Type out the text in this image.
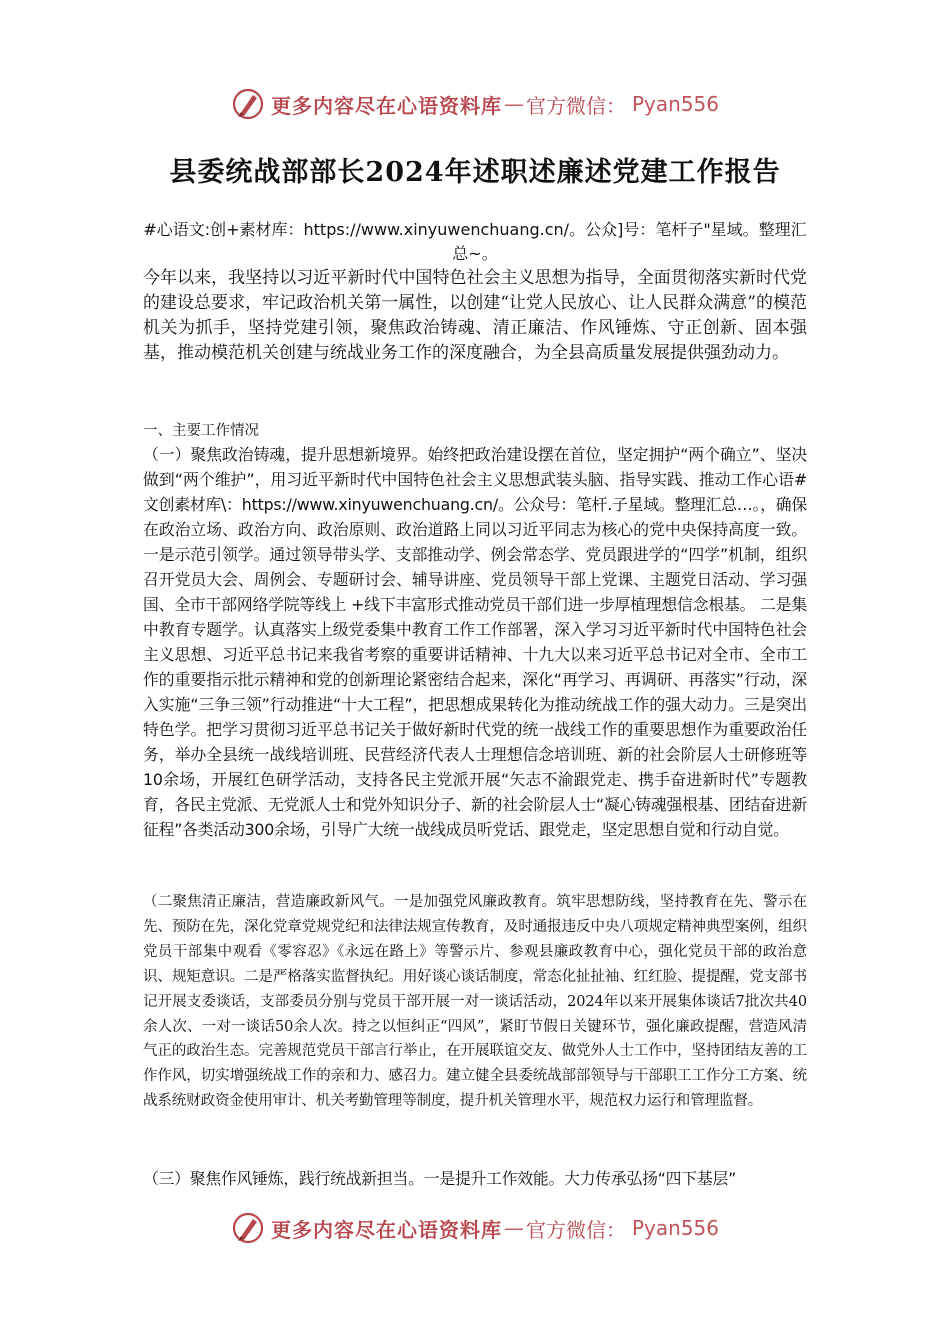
更多内容尽在心语资料库 — 官方微信： Pyan556
县委统战部部长2024年述职述廉述党建工作报告
#心语文:创+素材库：https://www.xinyuwenchuang.cn/。公众]号：笔杆子"星域。整理汇总~。

今年以来，我坚持以习近平新时代中国特色社会主义思想为指导，全面贯彻落实新时代党的建设总要求，牢记政治机关第一属性，以创建“让党人民放心、让人民群众满意”的模范机关为抓手，坚持党建引领，聚焦政治铸魂、清正廉洁、作风锤炼、守正创新、固本强基，推动模范机关创建与统战业务工作的深度融合，为全县高质量发展提供强劲动力。

一、主要工作情况

（一）聚焦政治铸魂，提升思想新境界。始终把政治建设摆在首位，坚定拥护“两个确立”、坚决做到“两个维护”，用习近平新时代中国特色社会主义思想武装头脑、指导实践、推动工作心语#文创素材库\：https://www.xinyuwenchuang.cn/。公众号：笔杆.子星域。整理汇总…。，确保在政治立场、政治方向、政治原则、政治道路上同以习近平同志为核心的党中央保持高度一致。一是示范引领学。通过领导带头学、支部推动学、例会常态学、党员跟进学的“四学”机制，组织召开党员大会、周例会、专题研讨会、辅导讲座、党员领导干部上党课、主题党日活动、学习强国、全市干部网络学院等线上 +线下丰富形式推动党员干部们进一步厚植理想信念根基。 二是集中教育专题学。认真落实上级党委集中教育工作工作部署，深入学习习近平新时代中国特色社会主义思想、习近平总书记来我省考察的重要讲话精神、十九大以来习近平总书记对全市、全市工作的重要指示批示精神和党的创新理论紧密结合起来，深化“再学习、再调研、再落实”行动，深入实施“三争三领”行动推进“十大工程”，把思想成果转化为推动统战工作的强大动力。三是突出特色学。把学习贯彻习近平总书记关于做好新时代党的统一战线工作的重要思想作为重要政治任务，举办全县统一战线培训班、民营经济代表人士理想信念培训班、新的社会阶层人士研修班等10余场，开展红色研学活动，支持各民主党派开展“矢志不渝跟党走、携手奋进新时代”专题教育，各民主党派、无党派人士和党外知识分子、新的社会阶层人士“凝心铸魂强根基、团结奋进新征程”各类活动300余场，引导广大统一战线成员听党话、跟党走，坚定思想自觉和行动自觉。

（二聚焦清正廉洁，营造廉政新风气。一是加强党风廉政教育。筑牢思想防线，坚持教育在先、警示在先、预防在先，深化党章党规党纪和法律法规宣传教育，及时通报违反中央八项规定精神典型案例，组织党员干部集中观看《零容忍》《永远在路上》等警示片、参观县廉政教育中心，强化党员干部的政治意识、规矩意识。二是严格落实监督执纪。用好谈心谈话制度，常态化扯扯袖、红红脸、提提醒，党支部书记开展支委谈话，支部委员分别与党员干部开展一对一谈话活动，2024年以来开展集体谈话7批次共40余人次、一对一谈话50余人次。持之以恒纠正“四风”，紧盯节假日关键环节，强化廉政提醒，营造风清气正的政治生态。完善规范党员干部言行举止，在开展联谊交友、做党外人士工作中，坚持团结友善的工作作风，切实增强统战工作的亲和力、感召力。建立健全县委统战部部领导与干部职工工作分工方案、统战系统财政资金使用审计、机关考勤管理等制度，提升机关管理水平，规范权力运行和管理监督。

（三）聚焦作风锤炼，践行统战新担当。一是提升工作效能。大力传承弘扬“四下基层”

更多内容尽在心语资料库 — 官方微信： Pyan556
